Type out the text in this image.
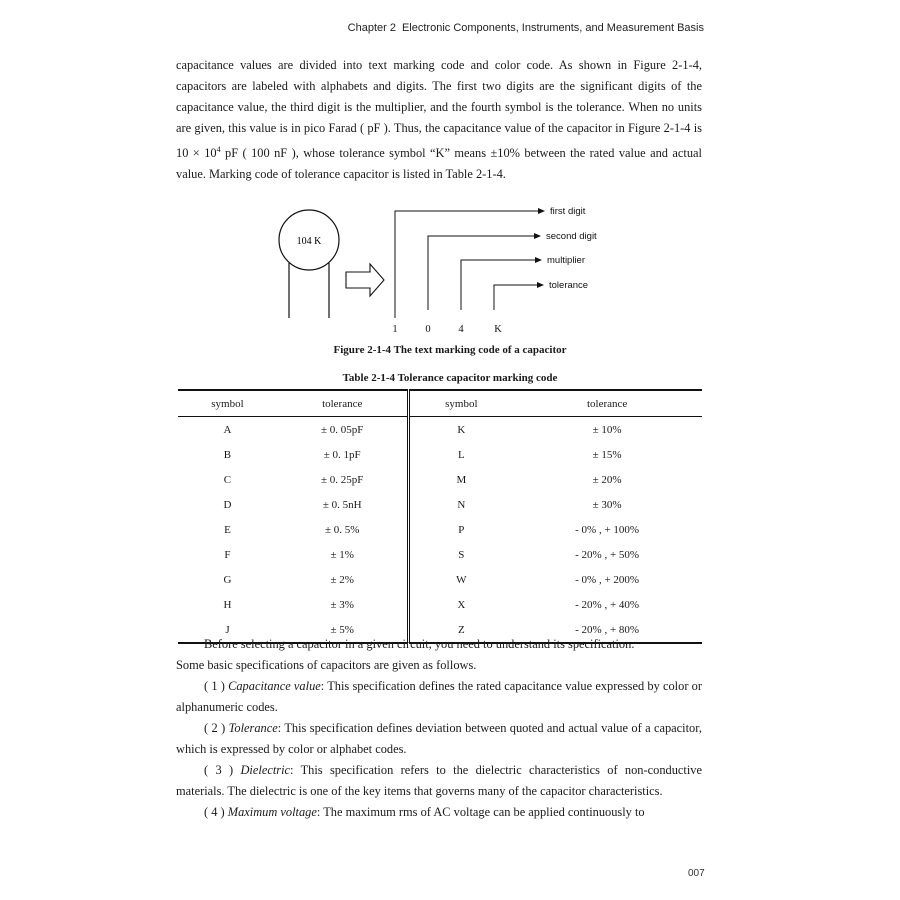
Chapter 2 Electronic Components, Instruments, and Measurement Basis

capacitance values are divided into text marking code and color code. As shown in Figure 2-1-4, capacitors are labeled with alphabets and digits. The first two digits are the significant digits of the capacitance value, the third digit is the multiplier, and the fourth symbol is the tolerance. When no units are given, this value is in pico Farad ( pF ). Thus, the capacitance value of the capacitor in Figure 2-1-4 is $10 \times 10^4$ pF ( 100 nF ), whose tolerance symbol “K” means ±10% between the rated value and actual value. Marking code of tolerance capacitor is listed in Table 2-1-4.

104 K
first digit
second digit
multiplier
tolerance
1	0	4	K
Figure 2-1-4 The text marking code of a capacitor
Table 2-1-4 Tolerance capacitor marking code
symbol	tolerance	symbol	tolerance
A	± 0. 05pF	K	± 10%
B	± 0. 1pF	L	± 15%
C	± 0. 25pF	M	± 20%
D	± 0. 5nH	N	± 30%
E	± 0. 5%	P	- 0% , + 100%
F	± 1%	S	- 20% , + 50%
G	± 2%	W	- 0% , + 200%
H	± 3%	X	- 20% , + 40%
J	± 5%	Z	- 20% , + 80%

Before selecting a capacitor in a given circuit, you need to understand its specification.

Some basic specifications of capacitors are given as follows.

( 1 ) Capacitance value: This specification defines the rated capacitance value expressed by color or alphanumeric codes.

( 2 ) Tolerance: This specification defines deviation between quoted and actual value of a capacitor, which is expressed by color or alphabet codes.

( 3 ) Dielectric: This specification refers to the dielectric characteristics of non-conductive materials. The dielectric is one of the key items that governs many of the capacitor characteristics.

( 4 ) Maximum voltage: The maximum rms of AC voltage can be applied continuously to

007
